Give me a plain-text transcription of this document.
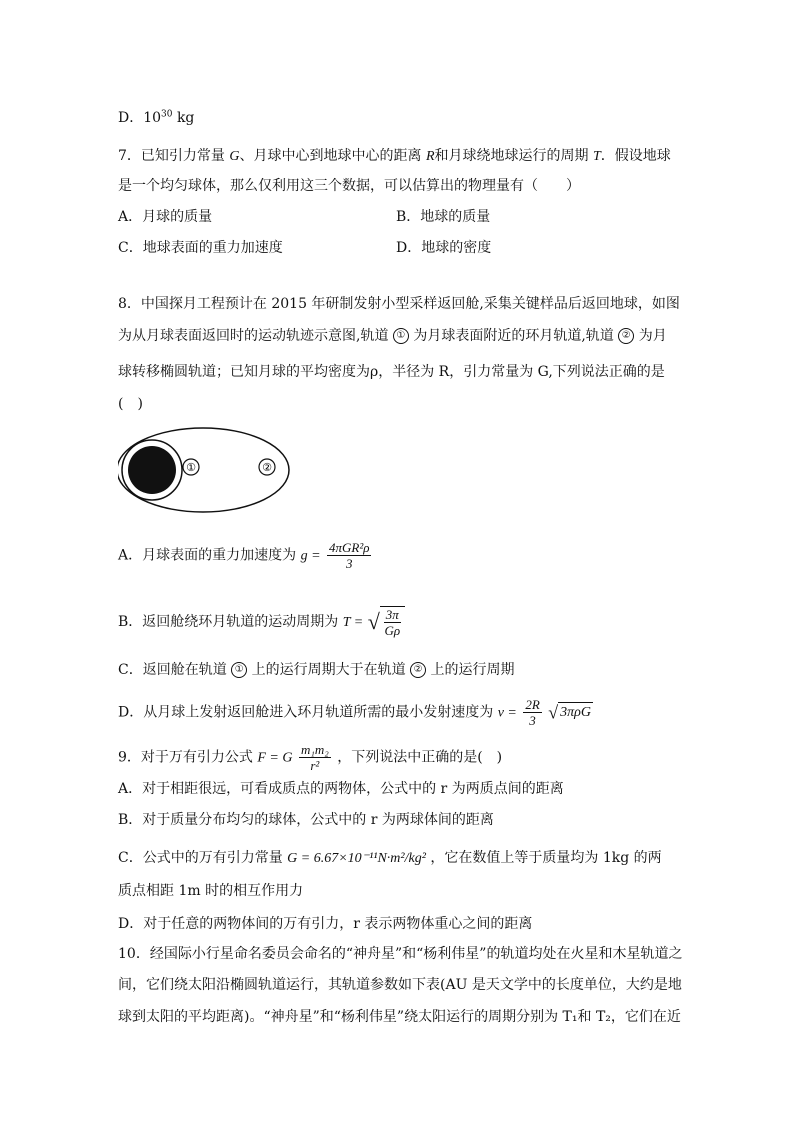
D．$10^{30}$ kg
7．已知引力常量 G、月球中心到地球中心的距离 R和月球绕地球运行的周期 T．假设地球
是一个均匀球体，那么仅利用这三个数据，可以估算出的物理量有（　　）
A．月球的质量	B．地球的质量
C．地球表面的重力加速度	D．地球的密度
8．中国探月工程预计在 2015 年研制发射小型采样返回舱,采集关键样品后返回地球，如图
为从月球表面返回时的运动轨迹示意图,轨道 ① 为月球表面附近的环月轨道,轨道 ② 为月
球转移椭圆轨道；已知月球的平均密度为ρ，半径为 R，引力常量为 G,下列说法正确的是
(　)
①	②
A．月球表面的重力加速度为 $g = \frac{\text{4πGR²ρ}}{3}$
B．返回舱绕环月轨道的运动周期为 T = √ $\frac{3\pi}{G\rho}$
C．返回舱在轨道 ① 上的运行周期大于在轨道 ② 上的运行周期
D．从月球上发射返回舱进入环月轨道所需的最小发射速度为 $v = \frac{2R}{3}$ √ 3πρG
9．对于万有引力公式 F = G $\frac{\text{m₁m₂}}{\text{r²}}$ ，下列说法中正确的是(　)
A．对于相距很远，可看成质点的两物体，公式中的 r 为两质点间的距离
B．对于质量分布均匀的球体，公式中的 r 为两球体间的距离
C．公式中的万有引力常量 G = 6.67×10⁻¹¹N·m²/kg² ，它在数值上等于质量均为 1kg 的两
质点相距 1m 时的相互作用力
D．对于任意的两物体间的万有引力，r 表示两物体重心之间的距离
10．经国际小行星命名委员会命名的“神舟星”和“杨利伟星”的轨道均处在火星和木星轨道之
间，它们绕太阳沿椭圆轨道运行，其轨道参数如下表(AU 是天文学中的长度单位，大约是地
球到太阳的平均距离)。“神舟星”和“杨利伟星”绕太阳运行的周期分别为 T₁和 T₂，它们在近
